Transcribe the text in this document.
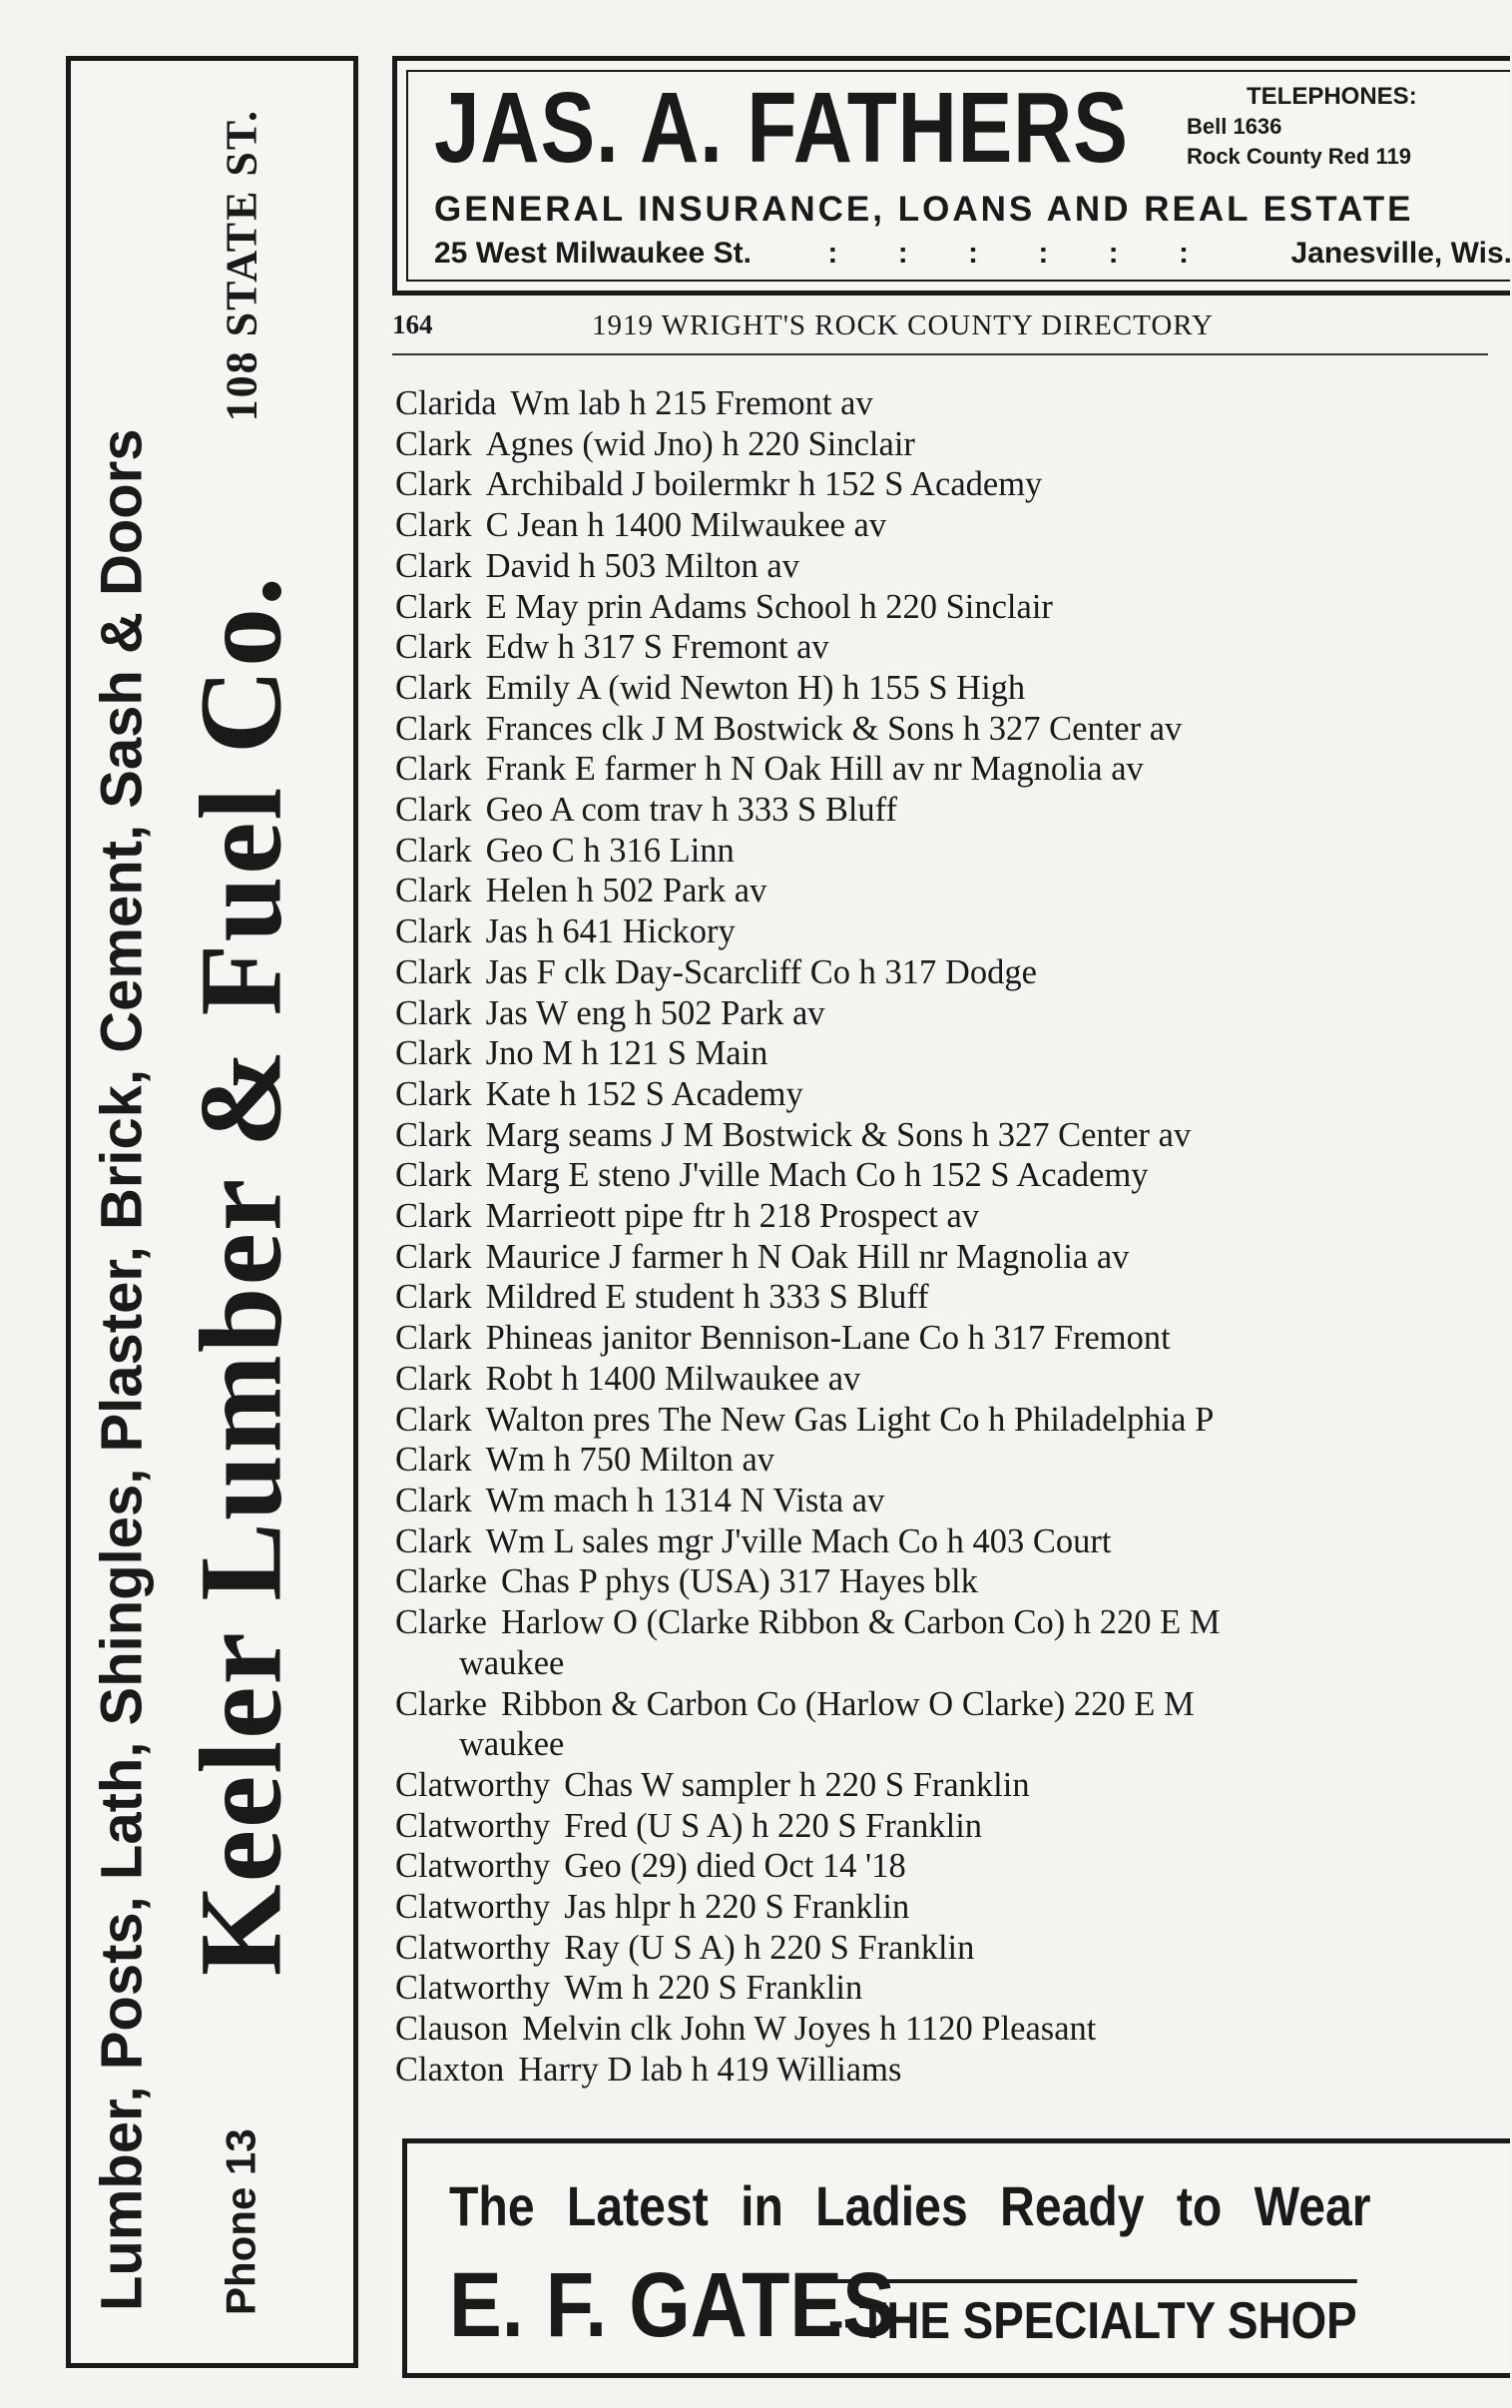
Lumber, Posts, Lath, Shingles, Plaster, Brick, Cement, Sash & Doors Phone 13
Keeler Lumber & Fuel Co.
108 STATE ST. JAS. A. FATHERS	TELEPHONES:
Bell 1636
Rock County Red 119
GENERAL INSURANCE, LOANS AND REAL ESTATE
25 West Milwaukee St.	: : : : : :	Janesville, Wis.
164	1919 WRIGHT'S ROCK COUNTY DIRECTORY
Clarida Wm lab h 215 Fremont av
Clark Agnes (wid Jno) h 220 Sinclair
Clark Archibald J boilermkr h 152 S Academy
Clark C Jean h 1400 Milwaukee av
Clark David h 503 Milton av
Clark E May prin Adams School h 220 Sinclair
Clark Edw h 317 S Fremont av
Clark Emily A (wid Newton H) h 155 S High
Clark Frances clk J M Bostwick & Sons h 327 Center av
Clark Frank E farmer h N Oak Hill av nr Magnolia av
Clark Geo A com trav h 333 S Bluff
Clark Geo C h 316 Linn
Clark Helen h 502 Park av
Clark Jas h 641 Hickory
Clark Jas F clk Day-Scarcliff Co h 317 Dodge
Clark Jas W eng h 502 Park av
Clark Jno M h 121 S Main
Clark Kate h 152 S Academy
Clark Marg seams J M Bostwick & Sons h 327 Center av
Clark Marg E steno J'ville Mach Co h 152 S Academy
Clark Marrieott pipe ftr h 218 Prospect av
Clark Maurice J farmer h N Oak Hill nr Magnolia av
Clark Mildred E student h 333 S Bluff
Clark Phineas janitor Bennison-Lane Co h 317 Fremont
Clark Robt h 1400 Milwaukee av
Clark Walton pres The New Gas Light Co h Philadelphia P
Clark Wm h 750 Milton av
Clark Wm mach h 1314 N Vista av
Clark Wm L sales mgr J'ville Mach Co h 403 Court
Clarke Chas P phys (USA) 317 Hayes blk
Clarke Harlow O (Clarke Ribbon & Carbon Co) h 220 E M
waukee
Clarke Ribbon & Carbon Co (Harlow O Clarke) 220 E M
waukee
Clatworthy Chas W sampler h 220 S Franklin
Clatworthy Fred (U S A) h 220 S Franklin
Clatworthy Geo (29) died Oct 14 '18
Clatworthy Jas hlpr h 220 S Franklin
Clatworthy Ray (U S A) h 220 S Franklin
Clatworthy Wm h 220 S Franklin
Clauson Melvin clk John W Joyes h 1120 Pleasant
Claxton Harry D lab h 419 Williams
The Latest in Ladies Ready to Wear
E. F. GATES
--THE SPECIALTY SHOP
